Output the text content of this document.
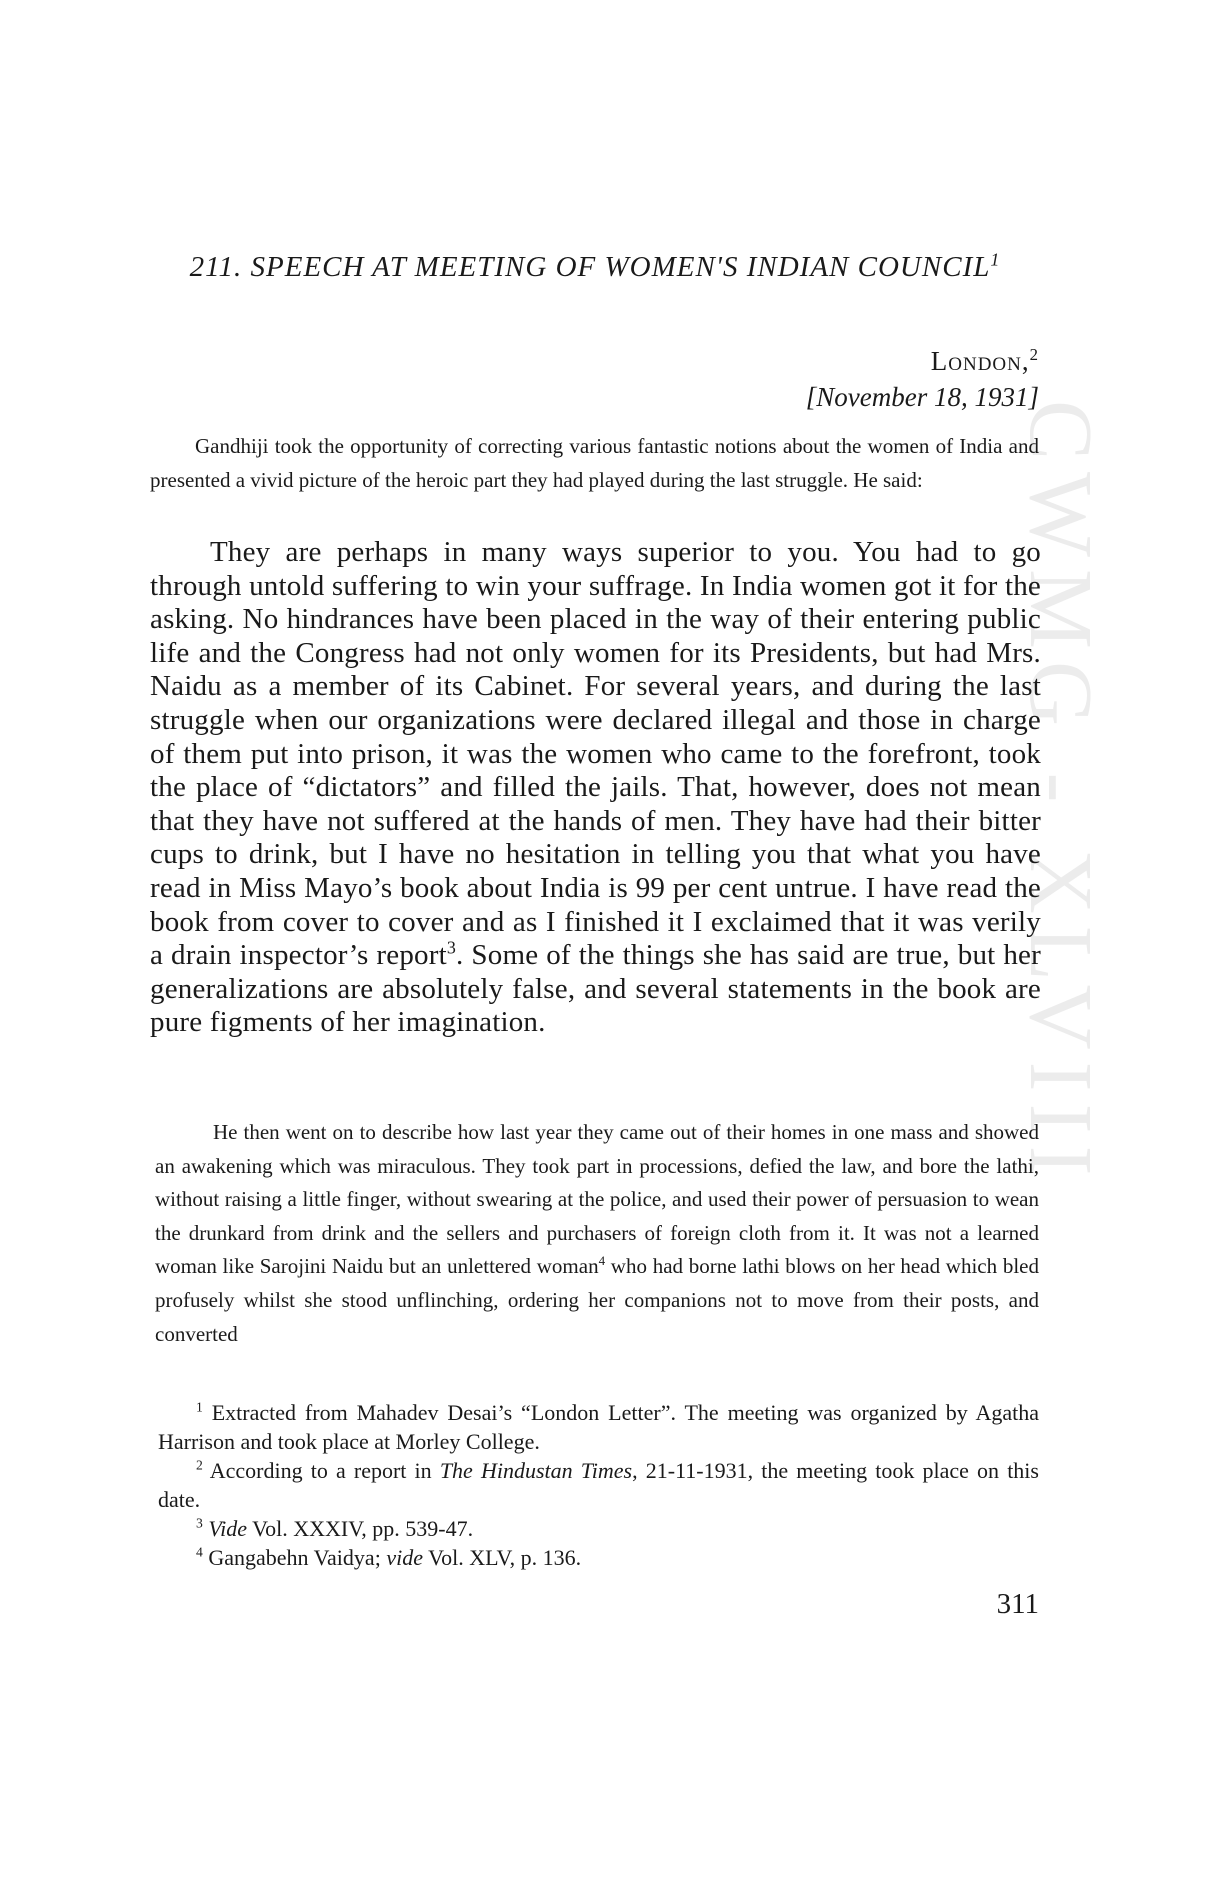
CWMG - XLVIII
211. SPEECH AT MEETING OF WOMEN'S INDIAN COUNCIL$^1$
London,$^2$
[November 18, 1931]

Gandhiji took the opportunity of correcting various fantastic notions about the women of India and presented a vivid picture of the heroic part they had played during the last struggle. He said:

They are perhaps in many ways superior to you. You had to go through untold suffering to win your suffrage. In India women got it for the asking. No hindrances have been placed in the way of their entering public life and the Congress had not only women for its Presidents, but had Mrs. Naidu as a member of its Cabinet. For several years, and during the last struggle when our organizations were declared illegal and those in charge of them put into prison, it was the women who came to the forefront, took the place of “dictators” and filled the jails. That, however, does not mean that they have not suffered at the hands of men. They have had their bitter cups to drink, but I have no hesitation in telling you that what you have read in Miss Mayo’s book about India is 99 per cent untrue. I have read the book from cover to cover and as I finished it I exclaimed that it was verily a drain inspector’s report$^3$. Some of the things she has said are true, but her generalizations are absolutely false, and several statements in the book are pure figments of her imagination.

He then went on to describe how last year they came out of their homes in one mass and showed an awakening which was miraculous. They took part in processions, defied the law, and bore the lathi, without raising a little finger, without swearing at the police, and used their power of persuasion to wean the drunkard from drink and the sellers and purchasers of foreign cloth from it. It was not a learned woman like Sarojini Naidu but an unlettered woman$^4$ who had borne lathi blows on her head which bled profusely whilst she stood unflinching, ordering her companions not to move from their posts, and converted

$^1$ Extracted from Mahadev Desai’s “London Letter”. The meeting was organized by Agatha Harrison and took place at Morley College.

$^2$ According to a report in The Hindustan Times, 21-11-1931, the meeting took place on this date.

$^3$ Vide Vol. XXXIV, pp. 539-47.

$^4$ Gangabehn Vaidya; vide Vol. XLV, p. 136.

311
